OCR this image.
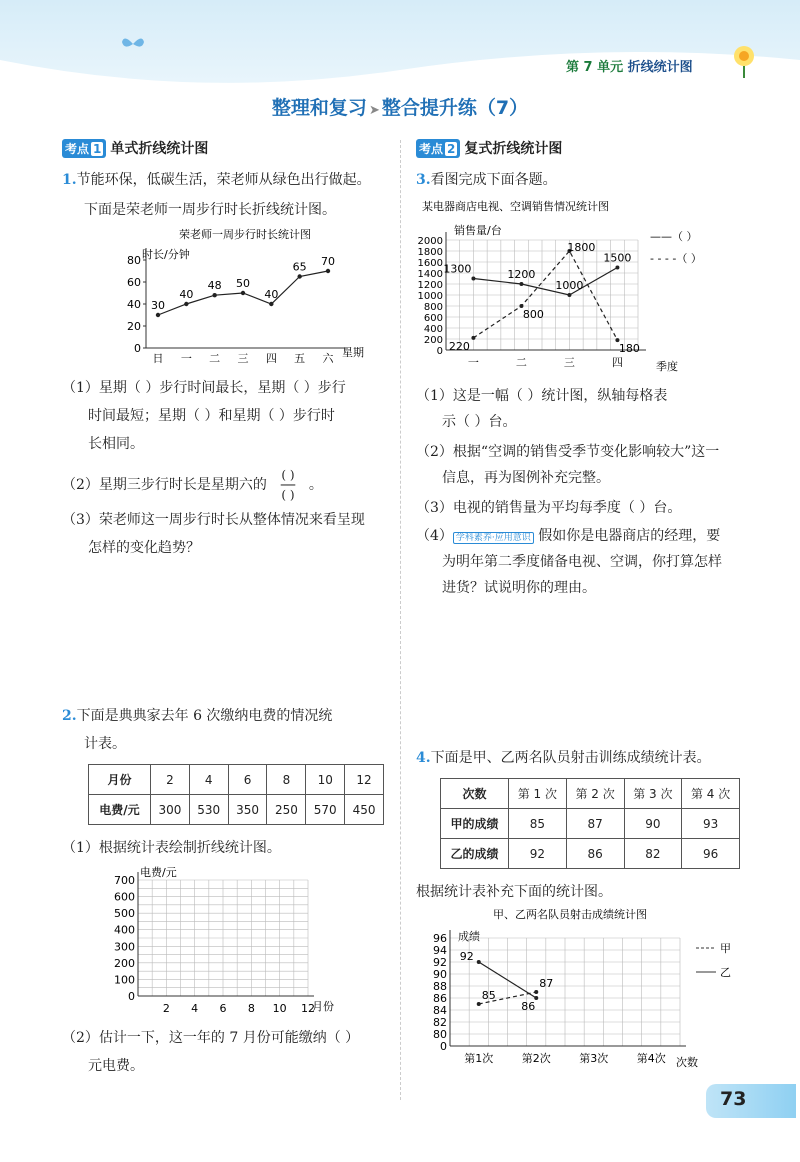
第 7 单元 折线统计图
整理和复习 ➤ 整合提升练（7）
考点 1 单式折线统计图
1.节能环保，低碳生活，荣老师从绿色出行做起。
下面是荣老师一周步行时长折线统计图。
荣老师一周步行时长统计图
时长/分钟
星期
0
20
40
60
80
日 一 二 三 四 五 六
30
40
48 50
40
65 70
（1）星期（ ）步行时间最长，星期（ ）步行
时间最短；星期（ ）和星期（ ）步行时
长相同。
（2）星期三步行时长是星期六的( )
──
( )。
（3）荣老师这一周步行时长从整体情况来看呈现
怎样的变化趋势？
2.下面是典典家去年 6 次缴纳电费的情况统
计表。
月份	2	4	6	8	10	12
电费/元	300	530	350	250	570	450
（1）根据统计表绘制折线统计图。
电费/元
月份
0
100
200
300
400
500
600
700
2 4 6 8 10 12
（2）估计一下，这一年的 7 月份可能缴纳（ ）
元电费。
考点 2 复式折线统计图
3.看图完成下面各题。
某电器商店电视、空调销售情况统计图
销售量/台
季度
——（ ）
- - - -（ ）
0
200
400
600
800
1000
1200
1400
1600
1800
2000
一	二	三	四
1300	1200
1000
1500
220
800
1800
180
（1）这是一幅（ ）统计图，纵轴每格表
示（ ）台。
（2）根据“空调的销售受季节变化影响较大”这一
信息，再为图例补充完整。
（3）电视的销售量为平均每季度（ ）台。
（4） 学科素养·应用意识 假如你是电器商店的经理，要
为明年第二季度储备电视、空调，你打算怎样
进货？试说明你的理由。
4.下面是甲、乙两名队员射击训练成绩统计表。
次数	第 1 次	第 2 次	第 3 次	第 4 次
甲的成绩	85	87	90	93
乙的成绩	92	86	82	96
根据统计表补充下面的统计图。
甲、乙两名队员射击成绩统计图
成绩
次数
甲
乙
0
80
82
84
86
88
90
92
94
96
第1次	第2次	第3次	第4次
85
87
92
86
73
